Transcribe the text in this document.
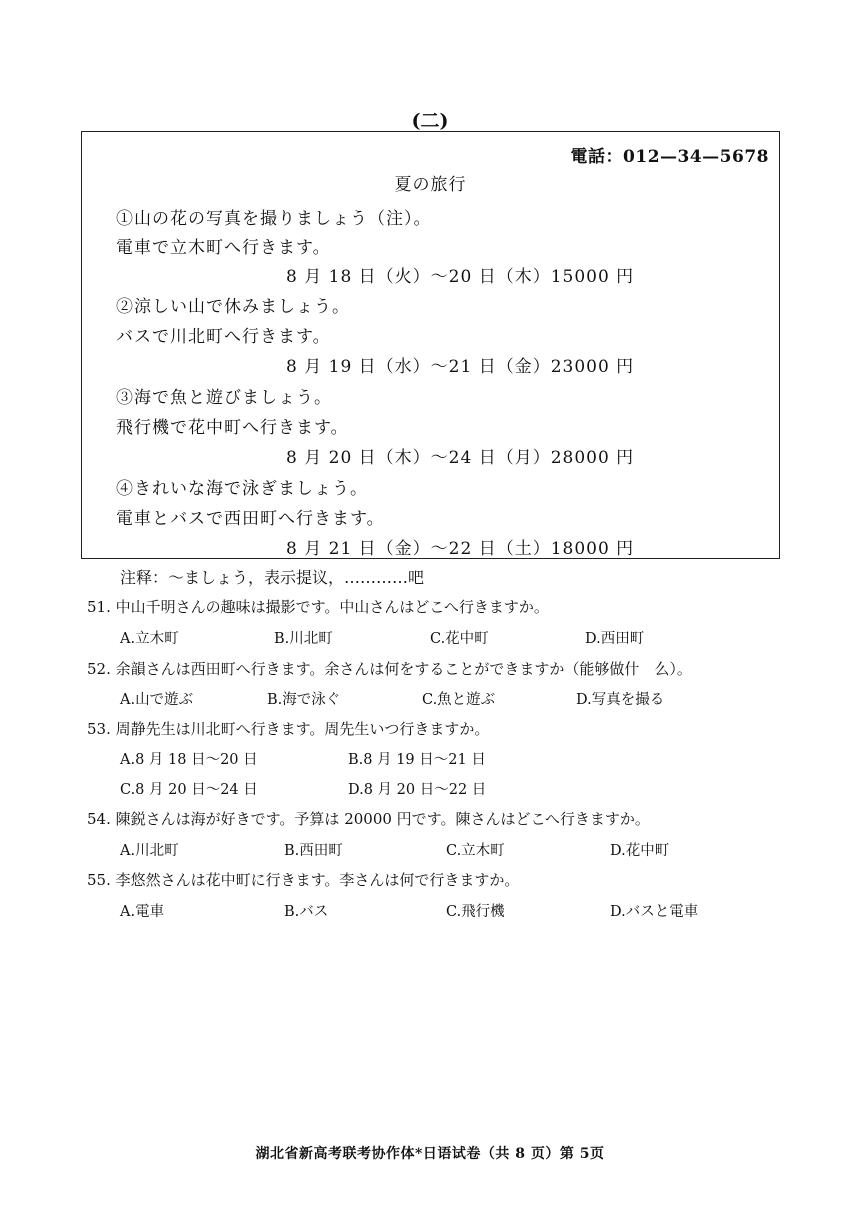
(二)
電話：012—34—5678
夏の旅行
①山の花の写真を撮りましょう（注）。
電車で立木町へ行きます。
8 月 18 日（火）～20 日（木）15000 円
②涼しい山で休みましょう。
バスで川北町へ行きます。
8 月 19 日（水）～21 日（金）23000 円
③海で魚と遊びましょう。
飛行機で花中町へ行きます。
8 月 20 日（木）～24 日（月）28000 円
④きれいな海で泳ぎましょう。
電車とバスで西田町へ行きます。
8 月 21 日（金）～22 日（土）18000 円
注释：～ましょう，表示提议，…………吧
51. 中山千明さんの趣味は撮影です。中山さんはどこへ行きますか。
A.立木町	B.川北町	C.花中町	D.西田町
52. 余韻さんは西田町へ行きます。余さんは何をすることができますか（能够做什　么）。
A.山で遊ぶ	B.海で泳ぐ	C.魚と遊ぶ	D.写真を撮る
53. 周静先生は川北町へ行きます。周先生いつ行きますか。
A.8 月 18 日～20 日	B.8 月 19 日～21 日
C.8 月 20 日～24 日	D.8 月 20 日～22 日
54. 陳鋭さんは海が好きです。予算は 20000 円です。陳さんはどこへ行きますか。
A.川北町	B.西田町	C.立木町	D.花中町
55. 李悠然さんは花中町に行きます。李さんは何で行きますか。
A.電車	B.バス	C.飛行機	D.バスと電車
湖北省新高考联考协作体*日语试卷（共 8 页）第 5页
